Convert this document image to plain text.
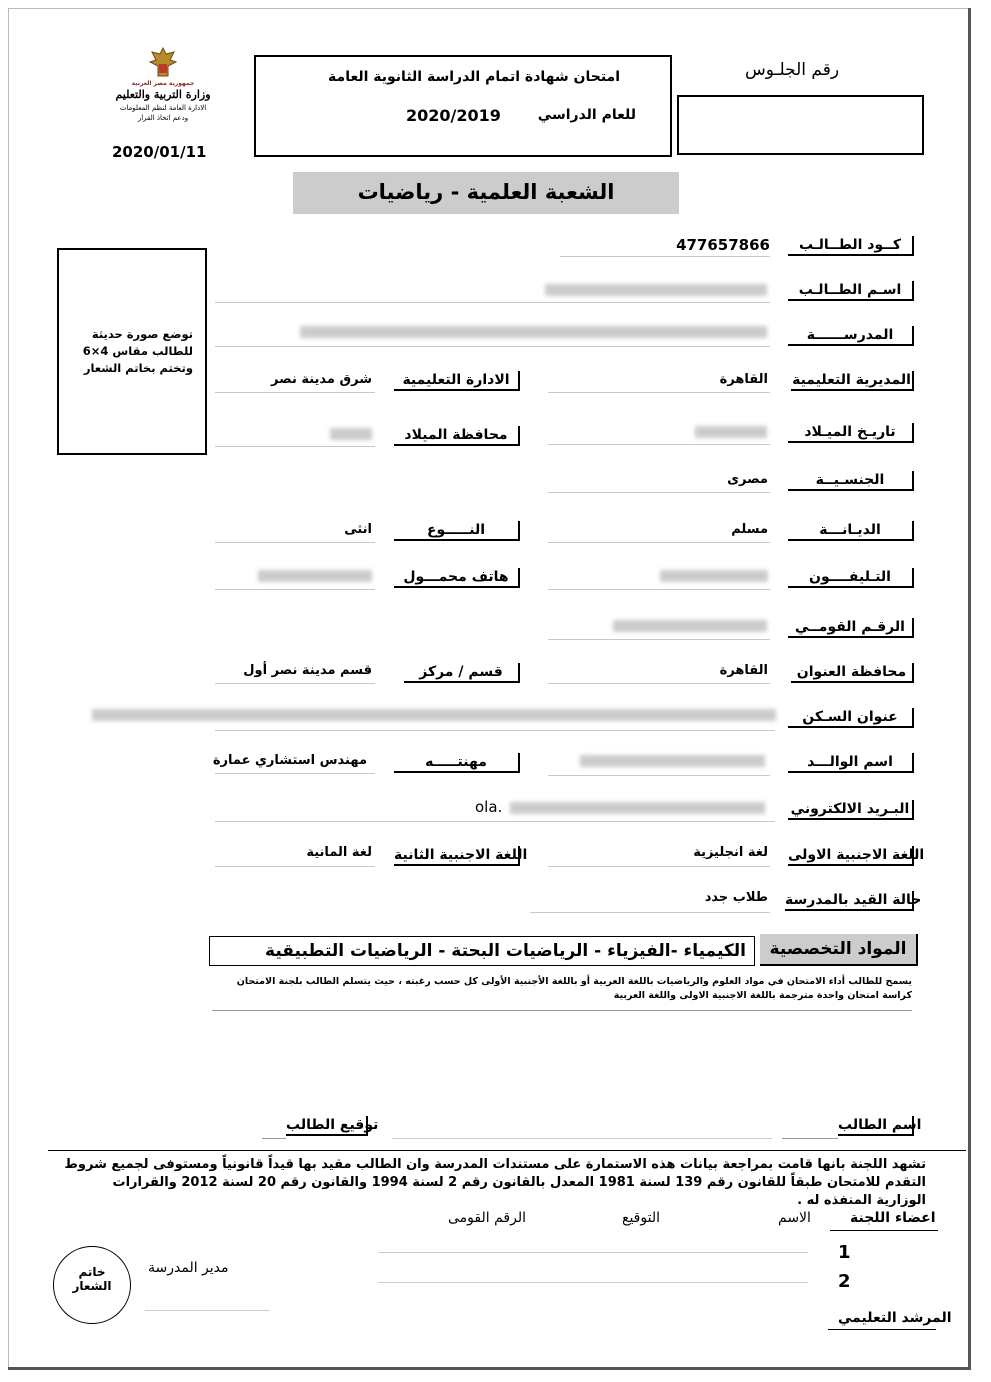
جمهورية مصر العربية
وزارة التربية والتعليم
الادارة العامة لنظم المعلومات
ودعم اتخاذ القرار
2020/01/11
امتحان شهادة اتمام الدراسة الثانوية العامة
للعام الدراسي
2020/2019
رقم الجلـوس
الشعبة العلمية - رياضيات
توضع صورة حديثة للطالب مقاس 4×6 وتختم بخاتم الشعار
كــود الطــالـب
477657866
اسـم الطــالـب
المدرســــــة
المديرية التعليمية
القاهرة
الادارة التعليمية
شرق مدينة نصر
تاريـخ الميـلاد
محافظة الميلاد
الجنسـيــة
مصرى
الديـانـــة
مسلم
النـــــوع
انثى
التـليفــــون
هاتف محمـــول
الرقـم القومــي
محافظة العنوان
القاهرة
قسم / مركز
قسم مدينة نصر أول
عنوان السـكن
اسم الوالـــد
مهنتـــــه
مهندس استشاري عمارة
البـريد الالكتروني
ola.
اللغة الاجنبية الاولى
لغة انجليزية
اللغة الاجنبية الثانية
لغة المانية
حالة القيد بالمدرسة
طلاب جدد
المواد التخصصية
الكيمياء -الفيزياء - الرياضيات البحتة - الرياضيات التطبيقية
يسمح للطالب أداء الامتحان في مواد العلوم والرياضيات باللغة العربية أو باللغة الأجنبية الأولى كل حسب رغبته ، حيث يتسلم الطالب بلجنة الامتحان كراسة امتحان واحدة مترجمة باللغة الاجنبية الاولى واللغة العربية
اسم الطالب
توقيع الطالب
تشهد اللجنة بانها قامت بمراجعة بيانات هذه الاستمارة على مستندات المدرسة وان الطالب مقيد بها قيداً قانونياً ومستوفى لجميع شروط التقدم للامتحان طبقاً للقانون رقم 139 لسنة 1981 المعدل بالقانون رقم 2 لسنة 1994 والقانون رقم 20 لسنة 2012 والقرارات الوزارية المنفذه له .
اعضاء اللجنة
الاسم
التوقيع
الرقم القومى
1
2
مدير المدرسة
المرشد التعليمي
خاتم
الشعار
